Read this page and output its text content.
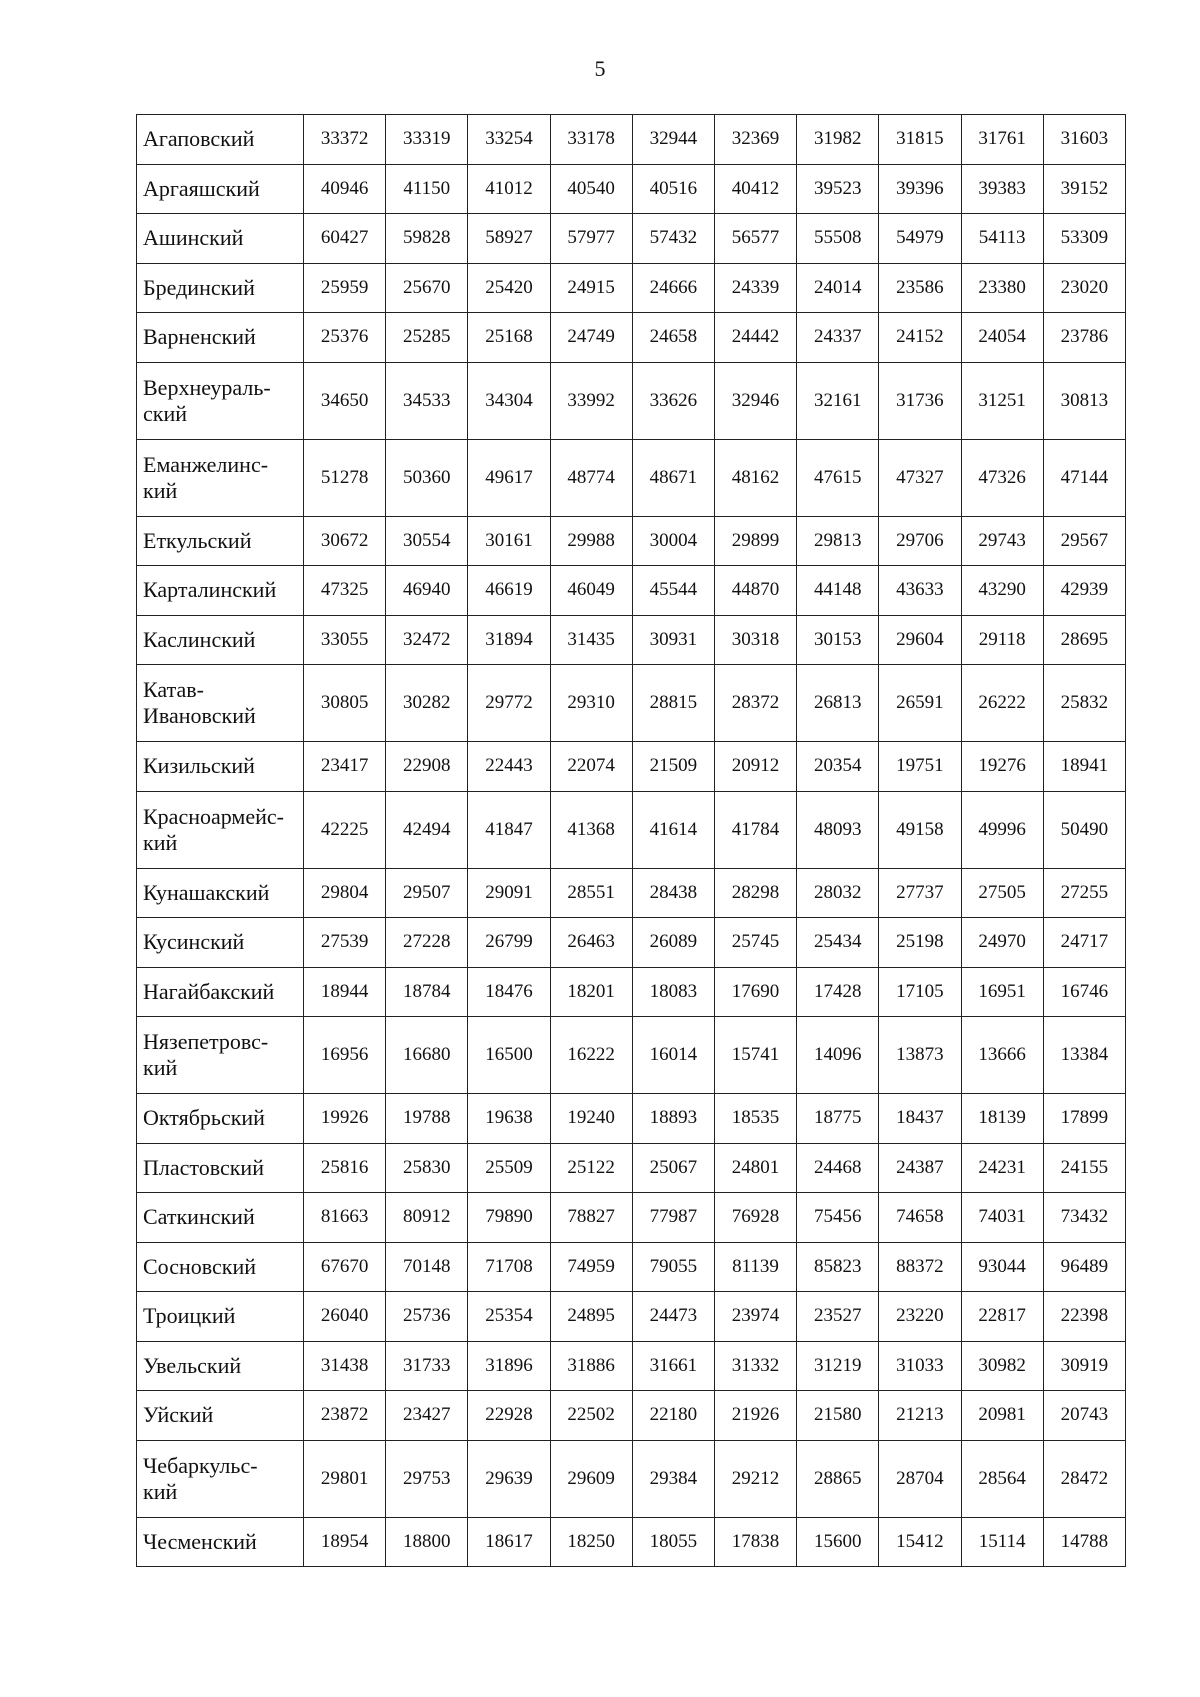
5
Агаповский	33372	33319	33254	33178	32944	32369	31982	31815	31761	31603
Аргаяшский	40946	41150	41012	40540	40516	40412	39523	39396	39383	39152
Ашинский	60427	59828	58927	57977	57432	56577	55508	54979	54113	53309
Брединский	25959	25670	25420	24915	24666	24339	24014	23586	23380	23020
Варненский	25376	25285	25168	24749	24658	24442	24337	24152	24054	23786
Верхнеураль-
ский	34650	34533	34304	33992	33626	32946	32161	31736	31251	30813
Еманжелинс-
кий	51278	50360	49617	48774	48671	48162	47615	47327	47326	47144
Еткульский	30672	30554	30161	29988	30004	29899	29813	29706	29743	29567
Карталинский	47325	46940	46619	46049	45544	44870	44148	43633	43290	42939
Каслинский	33055	32472	31894	31435	30931	30318	30153	29604	29118	28695
Катав-
Ивановский	30805	30282	29772	29310	28815	28372	26813	26591	26222	25832
Кизильский	23417	22908	22443	22074	21509	20912	20354	19751	19276	18941
Красноармейс-
кий	42225	42494	41847	41368	41614	41784	48093	49158	49996	50490
Кунашакский	29804	29507	29091	28551	28438	28298	28032	27737	27505	27255
Кусинский	27539	27228	26799	26463	26089	25745	25434	25198	24970	24717
Нагайбакский	18944	18784	18476	18201	18083	17690	17428	17105	16951	16746
Нязепетровс-
кий	16956	16680	16500	16222	16014	15741	14096	13873	13666	13384
Октябрьский	19926	19788	19638	19240	18893	18535	18775	18437	18139	17899
Пластовский	25816	25830	25509	25122	25067	24801	24468	24387	24231	24155
Саткинский	81663	80912	79890	78827	77987	76928	75456	74658	74031	73432
Сосновский	67670	70148	71708	74959	79055	81139	85823	88372	93044	96489
Троицкий	26040	25736	25354	24895	24473	23974	23527	23220	22817	22398
Увельский	31438	31733	31896	31886	31661	31332	31219	31033	30982	30919
Уйский	23872	23427	22928	22502	22180	21926	21580	21213	20981	20743
Чебаркульс-
кий	29801	29753	29639	29609	29384	29212	28865	28704	28564	28472
Чесменский	18954	18800	18617	18250	18055	17838	15600	15412	15114	14788
